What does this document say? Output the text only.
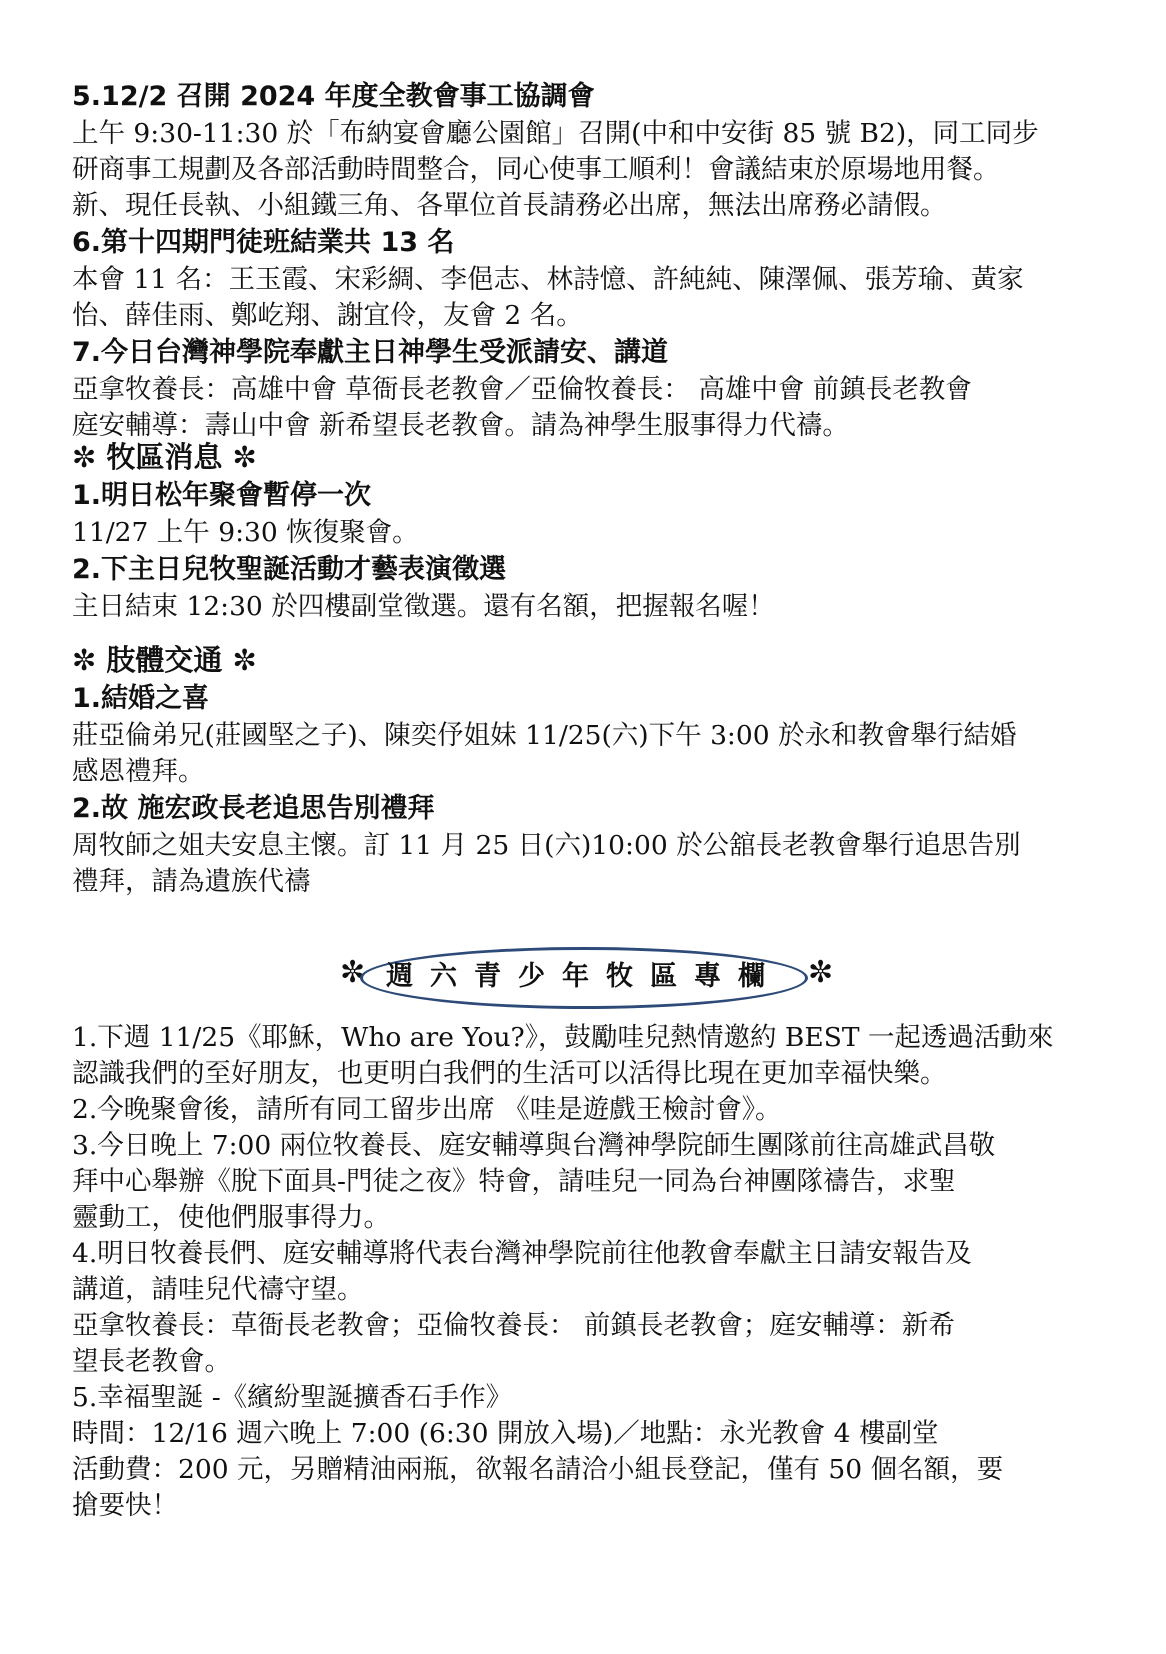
5.12/2 召開 2024 年度全教會事工協調會

上午 9:30-11:30 於「布納宴會廳公園館」召開(中和中安街 85 號 B2)，同工同步

研商事工規劃及各部活動時間整合，同心使事工順利！會議結束於原場地用餐。

新、現任長執、小組鐵三角、各單位首長請務必出席，無法出席務必請假。

6.第十四期門徒班結業共 13 名

本會 11 名：王玉霞、宋彩綢、李俋志、林詩憶、許純純、陳澤佩、張芳瑜、黃家

怡、薛佳雨、鄭屹翔、謝宜伶，友會 2 名。

7.今日台灣神學院奉獻主日神學生受派請安、講道

亞拿牧養長：高雄中會 草衙長老教會／亞倫牧養長： 高雄中會 前鎮長老教會

庭安輔導：壽山中會 新希望長老教會。請為神學生服事得力代禱。

✼ 牧區消息 ✼

1.明日松年聚會暫停一次

11/27 上午 9:30 恢復聚會。

2.下主日兒牧聖誕活動才藝表演徵選

主日結束 12:30 於四樓副堂徵選。還有名額，把握報名喔！

✼ 肢體交通 ✼

1.結婚之喜

莊亞倫弟兄(莊國堅之子)、陳奕伃姐妹 11/25(六)下午 3:00 於永和教會舉行結婚

感恩禮拜。

2.故 施宏政長老追思告別禮拜

周牧師之姐夫安息主懷。訂 11 月 25 日(六)10:00 於公舘長老教會舉行追思告別

禮拜，請為遺族代禱

✼ 週六青少年牧區專欄 ✼

1.下週 11/25《耶穌，Who are You?》，鼓勵哇兒熱情邀約 BEST 一起透過活動來

認識我們的至好朋友，也更明白我們的生活可以活得比現在更加幸福快樂。

2.今晚聚會後，請所有同工留步出席 《哇是遊戲王檢討會》。

3.今日晚上 7:00 兩位牧養長、庭安輔導與台灣神學院師生團隊前往高雄武昌敬

拜中心舉辦《脫下面具-門徒之夜》特會，請哇兒一同為台神團隊禱告，求聖

靈動工，使他們服事得力。

4.明日牧養長們、庭安輔導將代表台灣神學院前往他教會奉獻主日請安報告及

講道，請哇兒代禱守望。

亞拿牧養長：草衙長老教會；亞倫牧養長： 前鎮長老教會；庭安輔導：新希

望長老教會。

5.幸福聖誕 -《繽紛聖誕擴香石手作》

時間：12/16 週六晚上 7:00 (6:30 開放入場)／地點：永光教會 4 樓副堂

活動費：200 元，另贈精油兩瓶，欲報名請洽小組長登記，僅有 50 個名額，要

搶要快！
